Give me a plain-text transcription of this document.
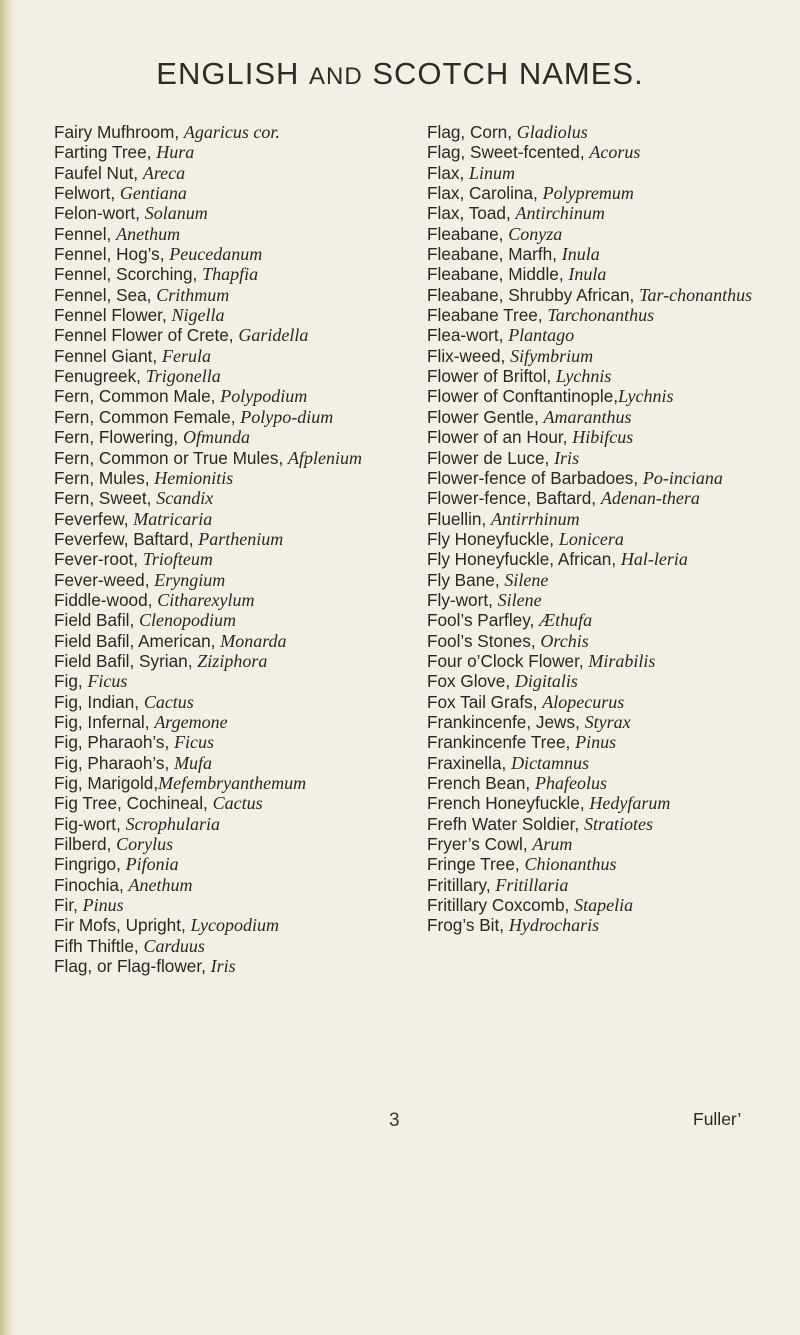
ENGLISH AND SCOTCH NAMES.

Fairy Mufhroom, Agaricus cor.

Farting Tree, Hura

Faufel Nut, Areca

Felwort, Gentiana

Felon-wort, Solanum

Fennel, Anethum

Fennel, Hog’s, Peucedanum

Fennel, Scorching, Thapfia

Fennel, Sea, Crithmum

Fennel Flower, Nigella

Fennel Flower of Crete, Garidella

Fennel Giant, Ferula

Fenugreek, Trigonella

Fern, Common Male, Polypodium

Fern, Common Female, Polypo-dium

Fern, Flowering, Ofmunda

Fern, Common or True Mules, Afplenium

Fern, Mules, Hemionitis

Fern, Sweet, Scandix

Feverfew, Matricaria

Feverfew, Baftard, Parthenium

Fever-root, Triofteum

Fever-weed, Eryngium

Fiddle-wood, Citharexylum

Field Bafil, Clenopodium

Field Bafil, American, Monarda

Field Bafil, Syrian, Ziziphora

Fig, Ficus

Fig, Indian, Cactus

Fig, Infernal, Argemone

Fig, Pharaoh’s, Ficus

Fig, Pharaoh’s, Mufa

Fig, Marigold,Mefembryanthemum

Fig Tree, Cochineal, Cactus

Fig-wort, Scrophularia

Filberd, Corylus

Fingrigo, Pifonia

Finochia, Anethum

Fir, Pinus

Fir Mofs, Upright, Lycopodium

Fifh Thiftle, Carduus

Flag, or Flag-flower, Iris

Flag, Corn, Gladiolus

Flag, Sweet-fcented, Acorus

Flax, Linum

Flax, Carolina, Polypremum

Flax, Toad, Antirchinum

Fleabane, Conyza

Fleabane, Marfh, Inula

Fleabane, Middle, Inula

Fleabane, Shrubby African, Tar-chonanthus

Fleabane Tree, Tarchonanthus

Flea-wort, Plantago

Flix-weed, Sifymbrium

Flower of Briftol, Lychnis

Flower of Conftantinople,Lychnis

Flower Gentle, Amaranthus

Flower of an Hour, Hibifcus

Flower de Luce, Iris

Flower-fence of Barbadoes, Po-inciana

Flower-fence, Baftard, Adenan-thera

Fluellin, Antirrhinum

Fly Honeyfuckle, Lonicera

Fly Honeyfuckle, African, Hal-leria

Fly Bane, Silene

Fly-wort, Silene

Fool’s Parfley, Æthufa

Fool’s Stones, Orchis

Four o’Clock Flower, Mirabilis

Fox Glove, Digitalis

Fox Tail Grafs, Alopecurus

Frankincenfe, Jews, Styrax

Frankincenfe Tree, Pinus

Fraxinella, Dictamnus

French Bean, Phafeolus

French Honeyfuckle, Hedyfarum

Frefh Water Soldier, Stratiotes

Fryer’s Cowl, Arum

Fringe Tree, Chionanthus

Fritillary, Fritillaria

Fritillary Coxcomb, Stapelia

Frog’s Bit, Hydrocharis

3	Fuller’
